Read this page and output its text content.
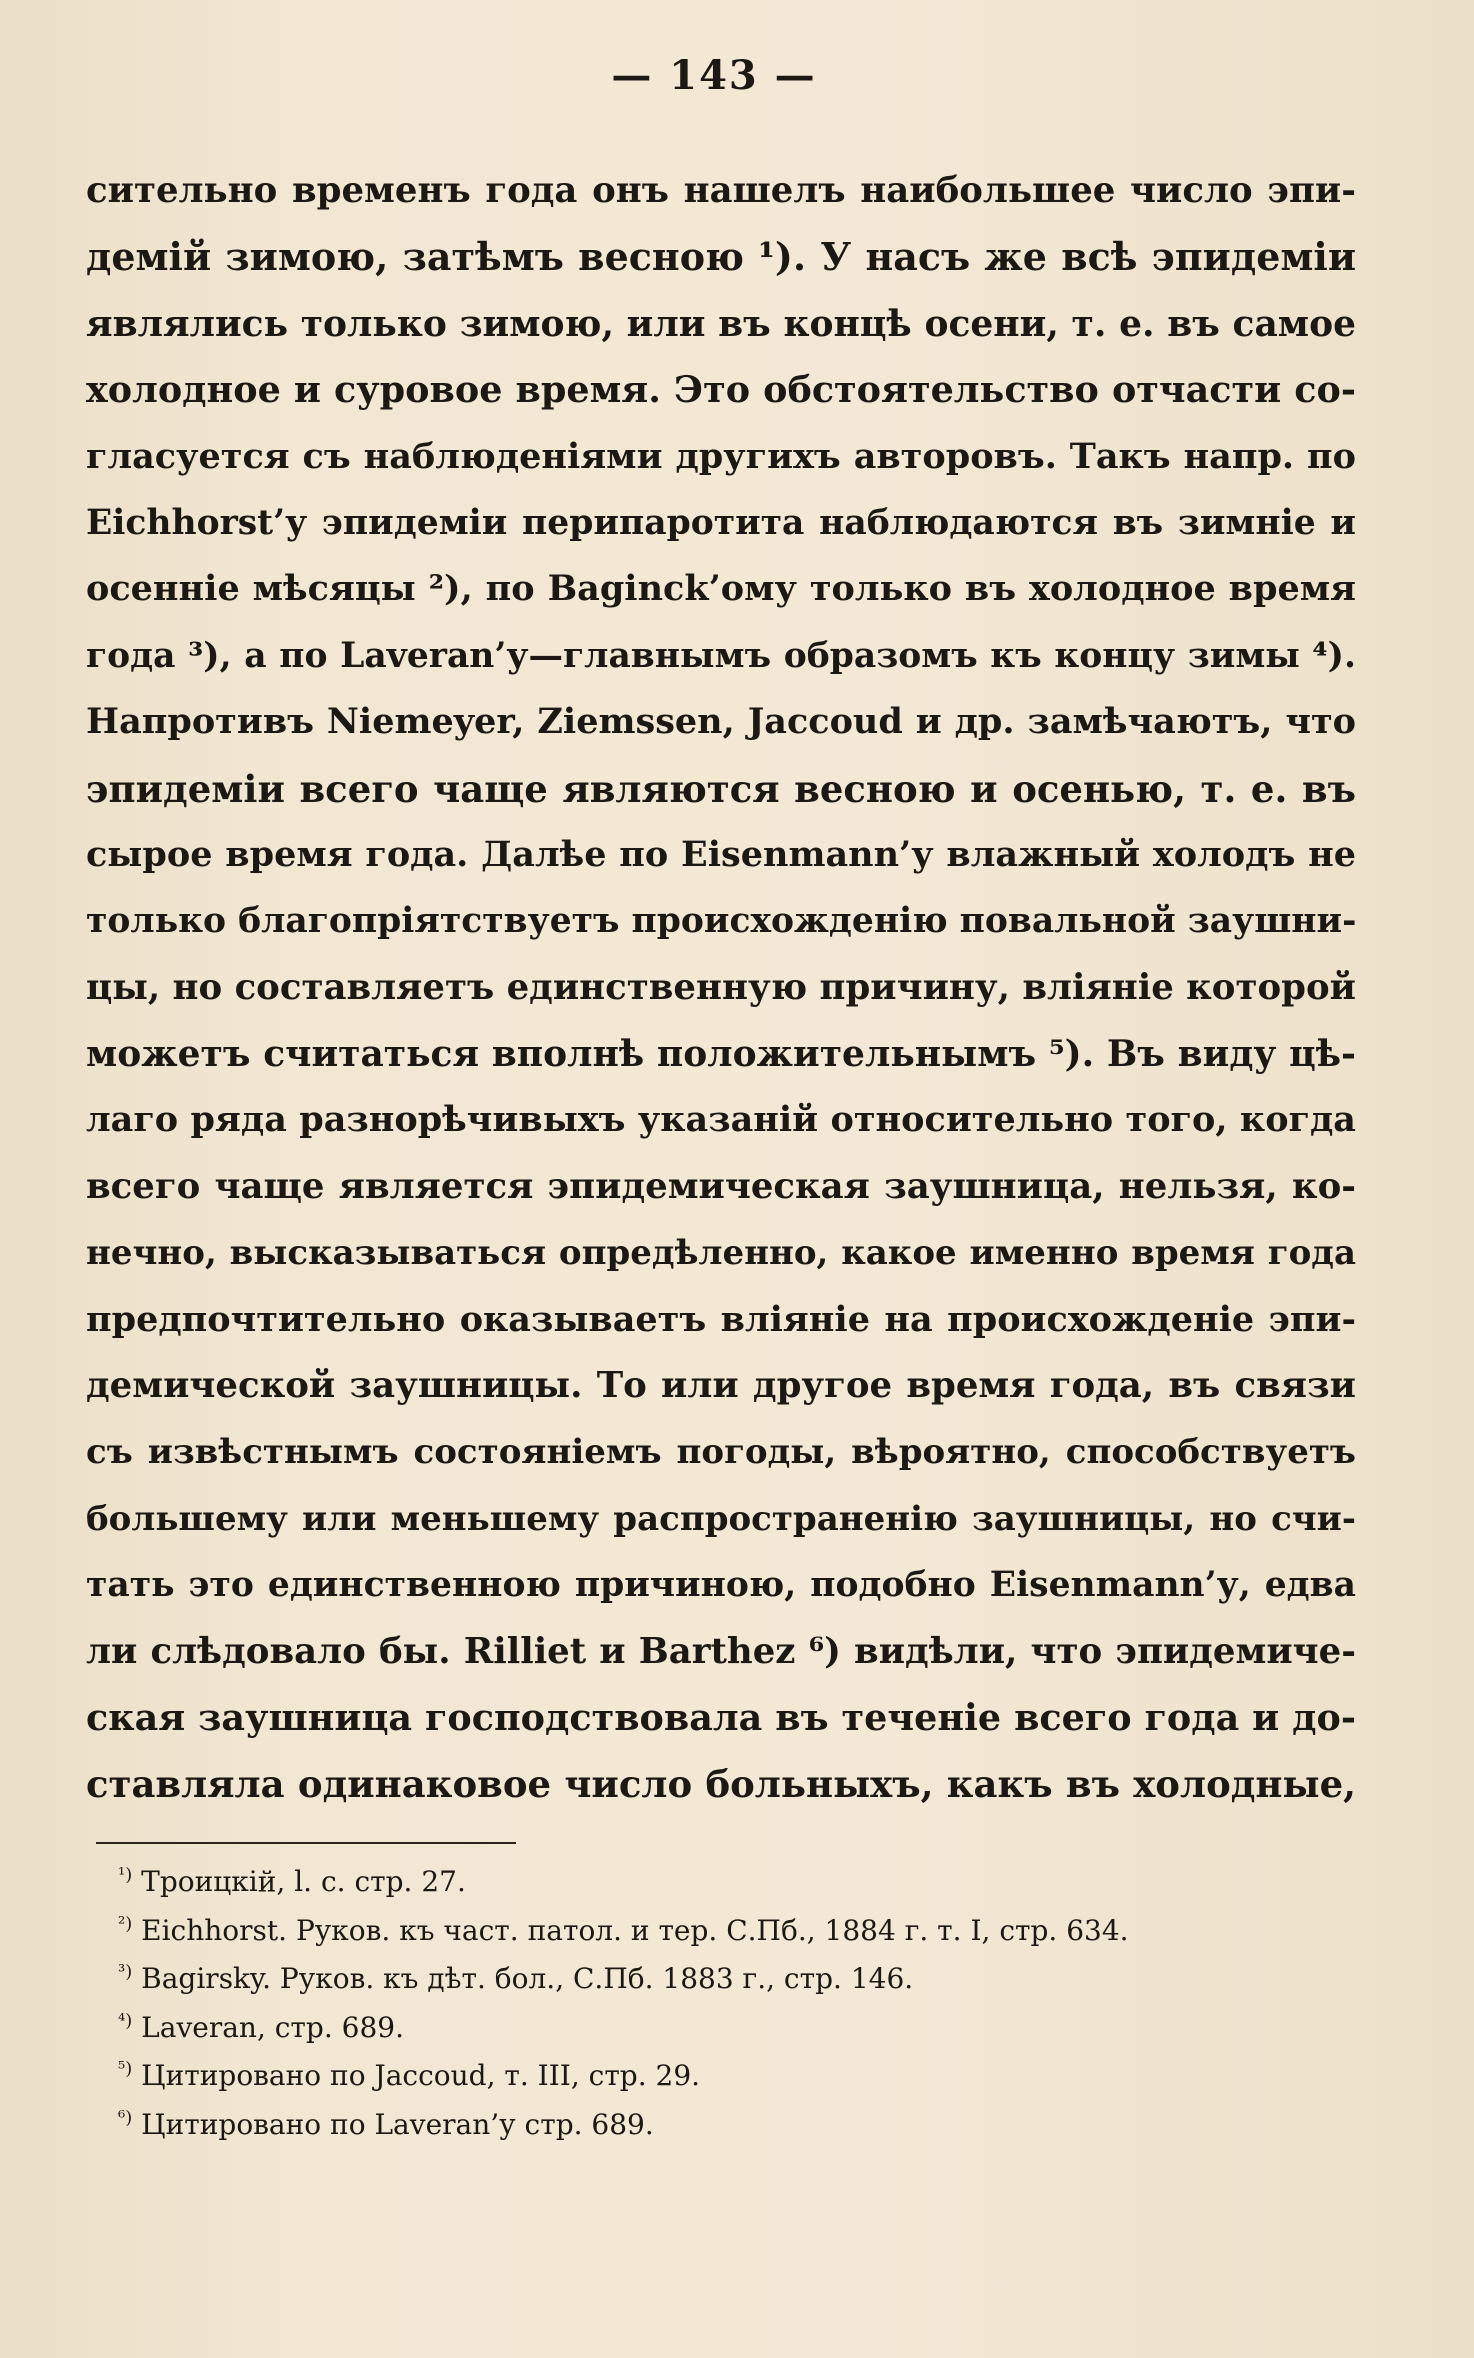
— 143 —
сительно временъ года онъ нашелъ наибольшее число эпи-
демій зимою, затѣмъ весною ¹). У насъ же всѣ эпидеміи
являлись только зимою, или въ концѣ осени, т. е. въ самое
холодное и суровое время. Это обстоятельство отчасти со-
гласуется съ наблюденіями другихъ авторовъ. Такъ напр. по
Eichhorst’у эпидеміи перипаротита наблюдаются въ зимніе и
осенніе мѣсяцы ²), по Baginck’ому только въ холодное время
года ³), а по Laveran’у—главнымъ образомъ къ концу зимы ⁴).
Напротивъ Niemeyer, Ziemssen, Jaccoud и др. замѣчаютъ, что
эпидеміи всего чаще являются весною и осенью, т. е. въ
сырое время года. Далѣе по Eisenmann’у влажный холодъ не
только благопріятствуетъ происхожденію повальной заушни-
цы, но составляетъ единственную причину, вліяніе которой
можетъ считаться вполнѣ положительнымъ ⁵). Въ виду цѣ-
лаго ряда разнорѣчивыхъ указаній относительно того, когда
всего чаще является эпидемическая заушница, нельзя, ко-
нечно, высказываться опредѣленно, какое именно время года
предпочтительно оказываетъ вліяніе на происхожденіе эпи-
демической заушницы. То или другое время года, въ связи
съ извѣстнымъ состояніемъ погоды, вѣроятно, способствуетъ
большему или меньшему распространенію заушницы, но счи-
тать это единственною причиною, подобно Eisenmann’у, едва
ли слѣдовало бы. Rilliet и Barthez ⁶) видѣли, что эпидемиче-
ская заушница господствовала въ теченіе всего года и до-
ставляла одинаковое число больныхъ, какъ въ холодные,
$^{^1)}$ Троицкій, l. c. стр. 27.
$^{^2)}$ Eichhorst. Руков. къ част. патол. и тер. С.Пб., 1884 г. т. I, стр. 634.
$^{^3)}$ Bagirsky. Руков. къ дѣт. бол., С.Пб. 1883 г., стр. 146.
$^{^4)}$ Laveran, стр. 689.
$^{^5)}$ Цитировано по Jaccoud, т. III, стр. 29.
$^{^6)}$ Цитировано по Laveran’у стр. 689.
